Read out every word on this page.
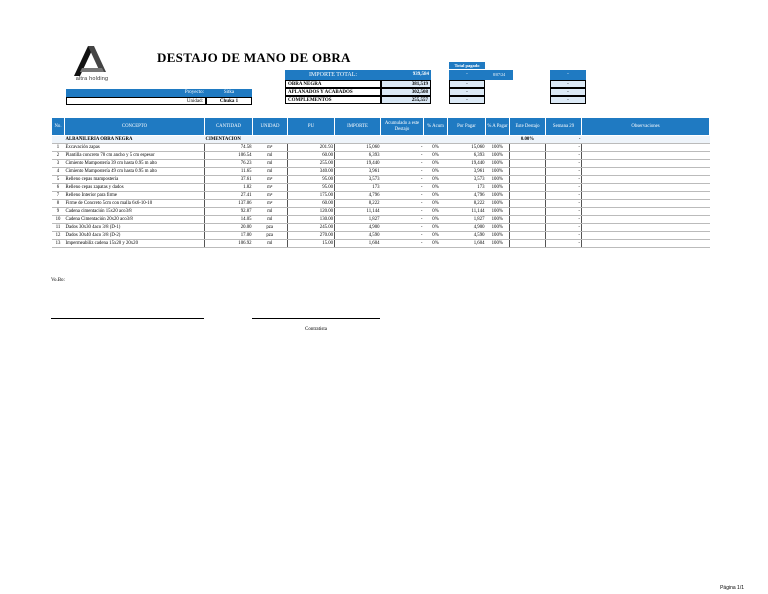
altra holding
DESTAJO DE MANO DE OBRA
Total pagado
IMPORTE TOTAL:	939,584	-	8/07/24	-
OBRA NEGRA	381,519	-	-
APLANADOS Y ACABADOS	302,508	-	-
COMPLEMENTOS	255,557	-	-
Proyecto:	Sitka
Unidad:	Chuka 1
No.	CONCEPTO	CANTIDAD	UNIDAD	PU	IMPORTE	Acumulado a este Destajo	% Acum	Por Pagar	% A Pagar	Este Destajo	Semana 29	Observaciones
	ALBAÑILERIA OBRA NEGRA	CIMENTACION								0.00%	-	
1	Excavación zapas	74.58	m³	201.93	15,060	-	0%	15,060	100%		-	
2	Plantilla concreto 78 cm ancho y 5 cm espesor	106.54	ml	60.00	6,393	-	0%	6,393	100%		-	
3	Cimiento Mampostería 39 cm hasta 0.95 m alto	76.23	ml	255.00	19,440	-	0%	19,440	100%		-	
4	Cimiento Mampostería 49 cm hasta 0.95 m alto	11.65	ml	340.00	3,961	-	0%	3,961	100%		-	
5	Relleno cepas mampostería	37.61	m³	95.00	3,573	-	0%	3,573	100%		-	
6	Relleno cepas zapatas y dados	1.82	m³	95.00	173	-	0%	173	100%		-	
7	Relleno Interior para firme	27.41	m³	175.00	4,796	-	0%	4,796	100%		-	
8	Firme de Concreto 5cm con malla 6x6-10-10	137.06	m²	60.00	8,222	-	0%	8,222	100%		-	
9	Cadena cimentación 15x20 aco3/8	92.87	ml	120.00	11,144	-	0%	11,144	100%		-	
10	Cadena Cimentación 20x20 aco3/8	14.05	ml	130.00	1,827	-	0%	1,827	100%		-	
11	Dados 30x30 4aco 3/8 (D-1)	20.00	pza	245.00	4,900	-	0%	4,900	100%		-	
12	Dados 30x40 4aco 3/8 (D-2)	17.00	pza	270.00	4,590	-	0%	4,590	100%		-	
13	Impermeabiliz cadena 15x20 y 20x20	106.92	ml	15.00	1,604	-	0%	1,604	100%		-	
Vo.Bo:
Contratista
Página 1/1
